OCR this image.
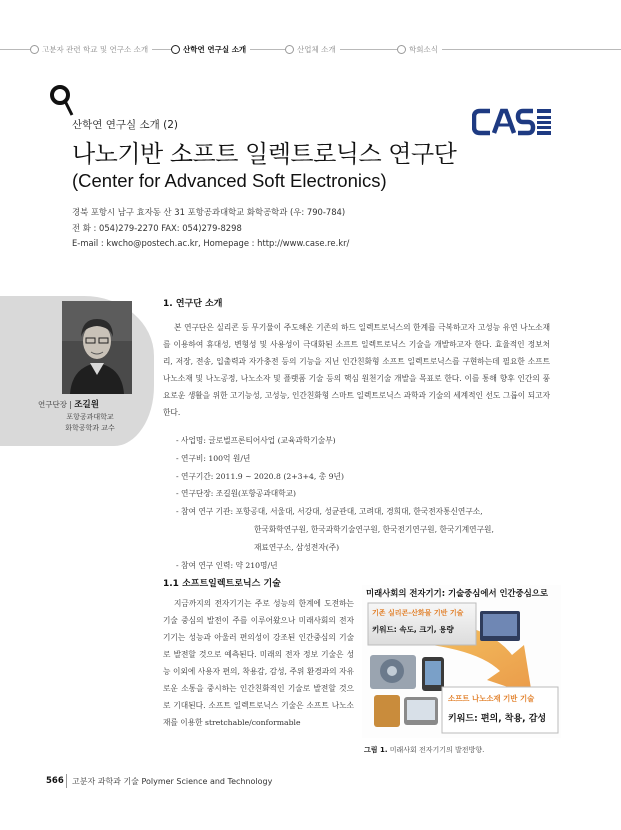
고분자 관련 학교 및 연구소 소개	산학연 연구실 소개	산업체 소개	학회소식
산학연 연구실 소개 (2)
나노기반 소프트 일렉트로닉스 연구단
(Center for Advanced Soft Electronics)
경북 포항시 남구 효자동 산 31 포항공과대학교 화학공학과 (우: 790-784)
전 화 : 054)279-2270 FAX: 054)279-8298
E-mail : kwcho@postech.ac.kr, Homepage : http://www.case.re.kr/
연구단장 | 조길원
포항공과대학교
화학공학과 교수
1. 연구단 소개
본 연구단은 실리콘 등 무기물이 주도해온 기존의 하드 일렉트로닉스의 한계를 극복하고자 고성능 유연 나노소재를 이용하여 휴대성, 변형성 및 사용성이 극대화된 소프트 일렉트로닉스 기술을 개발하고자 한다. 효율적인 정보처리, 저장, 전송, 입출력과 자가충전 등의 기능을 지닌 인간친화형 소프트 일렉트로닉스를 구현하는데 필요한 소프트 나노소재 및 나노공정, 나노소자 및 플랫폼 기술 등의 핵심 원천기술 개발을 목표로 한다. 이를 통해 향후 인간의 풍요로운 생활을 위한 고기능성, 고성능, 인간친화형 스마트 일렉트로닉스 과학과 기술의 세계적인 선도 그룹이 되고자 한다.
- 사업명: 글로벌프론티어사업 (교육과학기술부)
- 연구비: 100억 원/년
- 연구기간: 2011.9 ~ 2020.8 (2+3+4, 총 9년)
- 연구단장: 조길원(포항공과대학교)
- 참여 연구 기관: 포항공대, 서울대, 서강대, 성균관대, 고려대, 경희대, 한국전자통신연구소,
한국화학연구원, 한국과학기술연구원, 한국전기연구원, 한국기계연구원,
재료연구소, 삼성전자(주)
- 참여 연구 인력: 약 210명/년
1.1 소프트일렉트로닉스 기술
지금까지의 전자기기는 주로 성능의 한계에 도전하는 기술 중심의 발전이 주를 이루어왔으나 미래사회의 전자기기는 성능과 아울러 편의성이 강조된 인간중심의 기술로 발전할 것으로 예측된다. 미래의 전자 정보 기술은 성능 이외에 사용자 편의, 착용감, 감성, 주위 환경과의 자유로운 소통을 중시하는 인간친화적인 기술로 발전할 것으로 기대된다. 소프트 일렉트로닉스 기술은 소프트 나노소재를 이용한 stretchable/conformable
미래사회의 전자기기: 기술중심에서 인간중심으로
기존 실리콘-산화물 기반 기술
키워드: 속도, 크기, 용량
소프트 나노소재 기반 기술
키워드: 편의, 착용, 감성
그림 1. 미래사회 전자기기의 발전방향.
566 고분자 과학과 기술 Polymer Science and Technology
